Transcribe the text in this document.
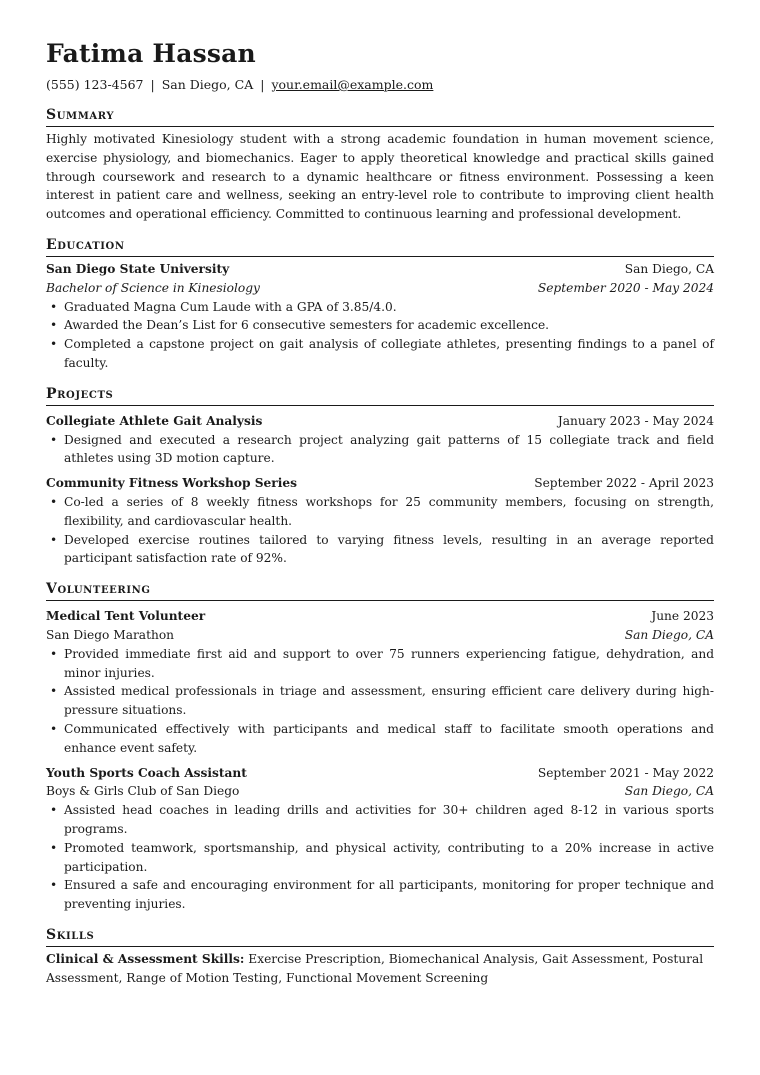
Fatima Hassan
(555) 123-4567 | San Diego, CA | your.email@example.com
Summary
Highly motivated Kinesiology student with a strong academic foundation in human movement science, exercise physiology, and biomechanics. Eager to apply theoretical knowledge and practical skills gained through coursework and research to a dynamic healthcare or fitness environment. Possessing a keen interest in patient care and wellness, seeking an entry-level role to contribute to improving client health outcomes and operational efficiency. Committed to continuous learning and professional development.
Education
San Diego State University	San Diego, CA
Bachelor of Science in Kinesiology	September 2020 - May 2024
• Graduated Magna Cum Laude with a GPA of 3.85/4.0.
• Awarded the Dean’s List for 6 consecutive semesters for academic excellence.
• Completed a capstone project on gait analysis of collegiate athletes, presenting findings to a panel of faculty.
Projects
Collegiate Athlete Gait Analysis	January 2023 - May 2024
• Designed and executed a research project analyzing gait patterns of 15 collegiate track and field athletes using 3D motion capture.
Community Fitness Workshop Series	September 2022 - April 2023
• Co-led a series of 8 weekly fitness workshops for 25 community members, focusing on strength, flexibility, and cardiovascular health.
• Developed exercise routines tailored to varying fitness levels, resulting in an average reported participant satisfaction rate of 92%.
Volunteering
Medical Tent Volunteer	June 2023
San Diego Marathon	San Diego, CA
• Provided immediate first aid and support to over 75 runners experiencing fatigue, dehydration, and minor injuries.
• Assisted medical professionals in triage and assessment, ensuring efficient care delivery during high-pressure situations.
• Communicated effectively with participants and medical staff to facilitate smooth operations and enhance event safety.
Youth Sports Coach Assistant	September 2021 - May 2022
Boys & Girls Club of San Diego	San Diego, CA
• Assisted head coaches in leading drills and activities for 30+ children aged 8-12 in various sports programs.
• Promoted teamwork, sportsmanship, and physical activity, contributing to a 20% increase in active participation.
• Ensured a safe and encouraging environment for all participants, monitoring for proper technique and preventing injuries.
Skills
Clinical & Assessment Skills: Exercise Prescription, Biomechanical Analysis, Gait Assessment, Postural Assessment, Range of Motion Testing, Functional Movement Screening
